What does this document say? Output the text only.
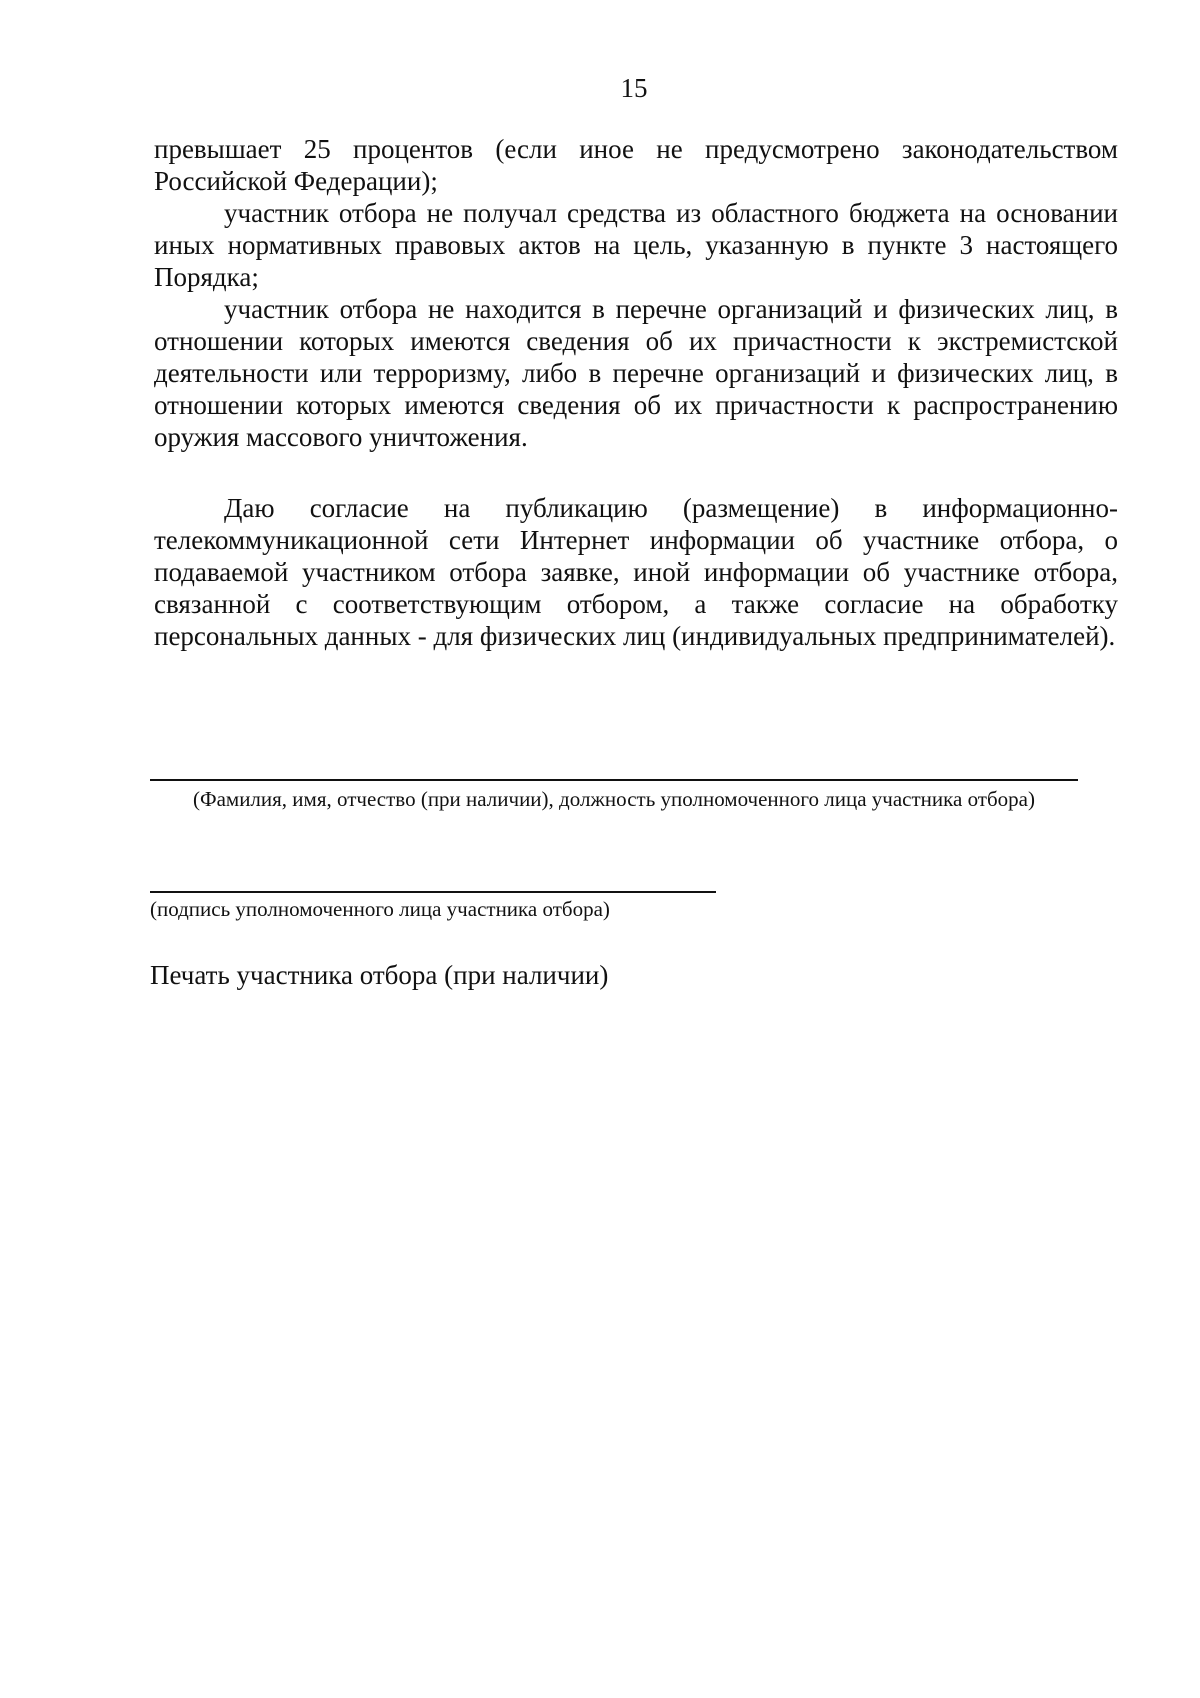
15

превышает 25 процентов (если иное не предусмотрено законодательством Российской Федерации);

участник отбора не получал средства из областного бюджета на основании иных нормативных правовых актов на цель, указанную в пункте 3 настоящего Порядка;

участник отбора не находится в перечне организаций и физических лиц, в отношении которых имеются сведения об их причастности к экстремистской деятельности или терроризму, либо в перечне организаций и физических лиц, в отношении которых имеются сведения об их причастности к распространению оружия массового уничтожения.

Даю согласие на публикацию (размещение) в информационно-телекоммуникационной сети Интернет информации об участнике отбора, о подаваемой участником отбора заявке, иной информации об участнике отбора, связанной с соответствующим отбором, а также согласие на обработку персональных данных - для физических лиц (индивидуальных предпринимателей).

(Фамилия, имя, отчество (при наличии), должность уполномоченного лица участника отбора)
(подпись уполномоченного лица участника отбора)
Печать участника отбора (при наличии)
